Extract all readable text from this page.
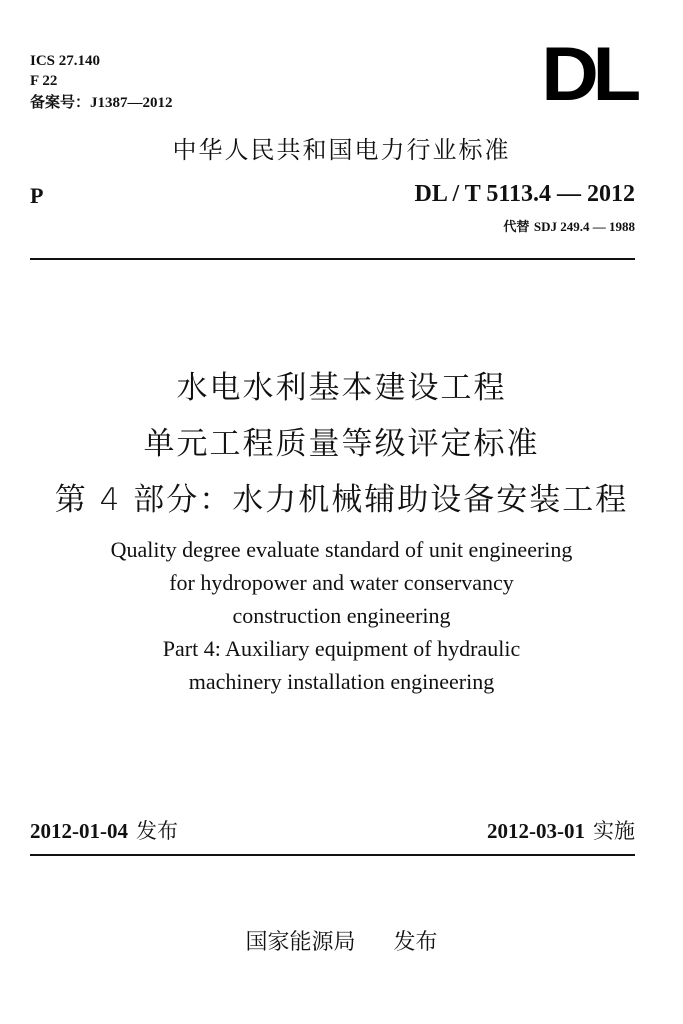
ICS 27.140
F 22
备案号：J1387—2012	DL
中华人民共和国电力行业标准
P	DL / T 5113.4 — 2012
代替 SDJ 249.4 — 1988
水电水利基本建设工程
单元工程质量等级评定标准
第 4 部分：水力机械辅助设备安装工程
Quality degree evaluate standard of unit engineering
for hydropower and water conservancy
construction engineering
Part 4: Auxiliary equipment of hydraulic
machinery installation engineering
2012-01-04 发布	2012-03-01 实施
国家能源局 发布
